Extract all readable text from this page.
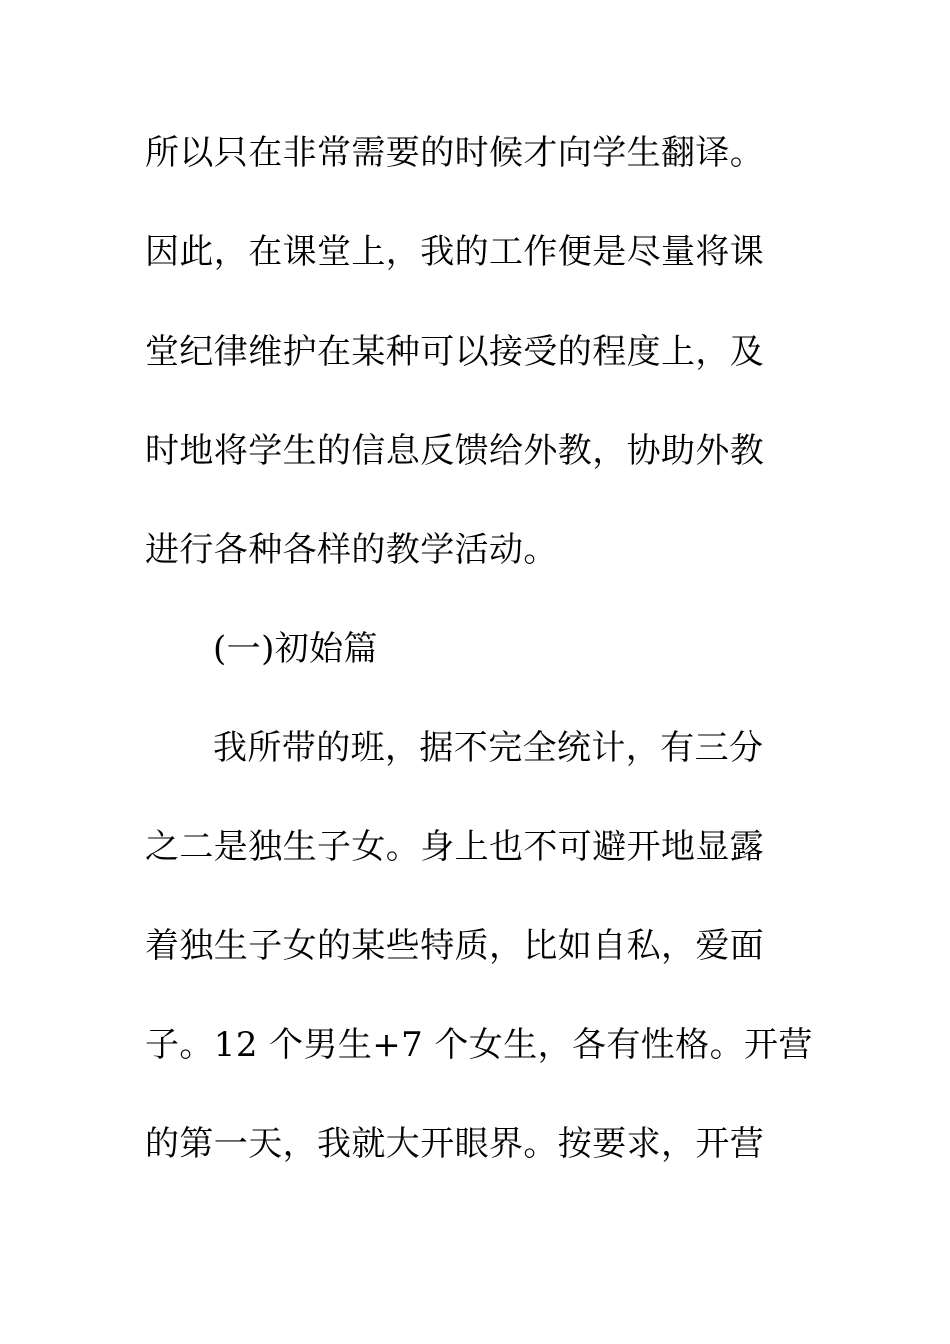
所以只在非常需要的时候才向学生翻译。
因此，在课堂上，我的工作便是尽量将课
堂纪律维护在某种可以接受的程度上，及
时地将学生的信息反馈给外教，协助外教
进行各种各样的教学活动。
(一)初始篇
我所带的班，据不完全统计，有三分
之二是独生子女。身上也不可避开地显露
着独生子女的某些特质，比如自私，爱面
子。12 个男生+7 个女生，各有性格。开营
的第一天，我就大开眼界。按要求，开营
